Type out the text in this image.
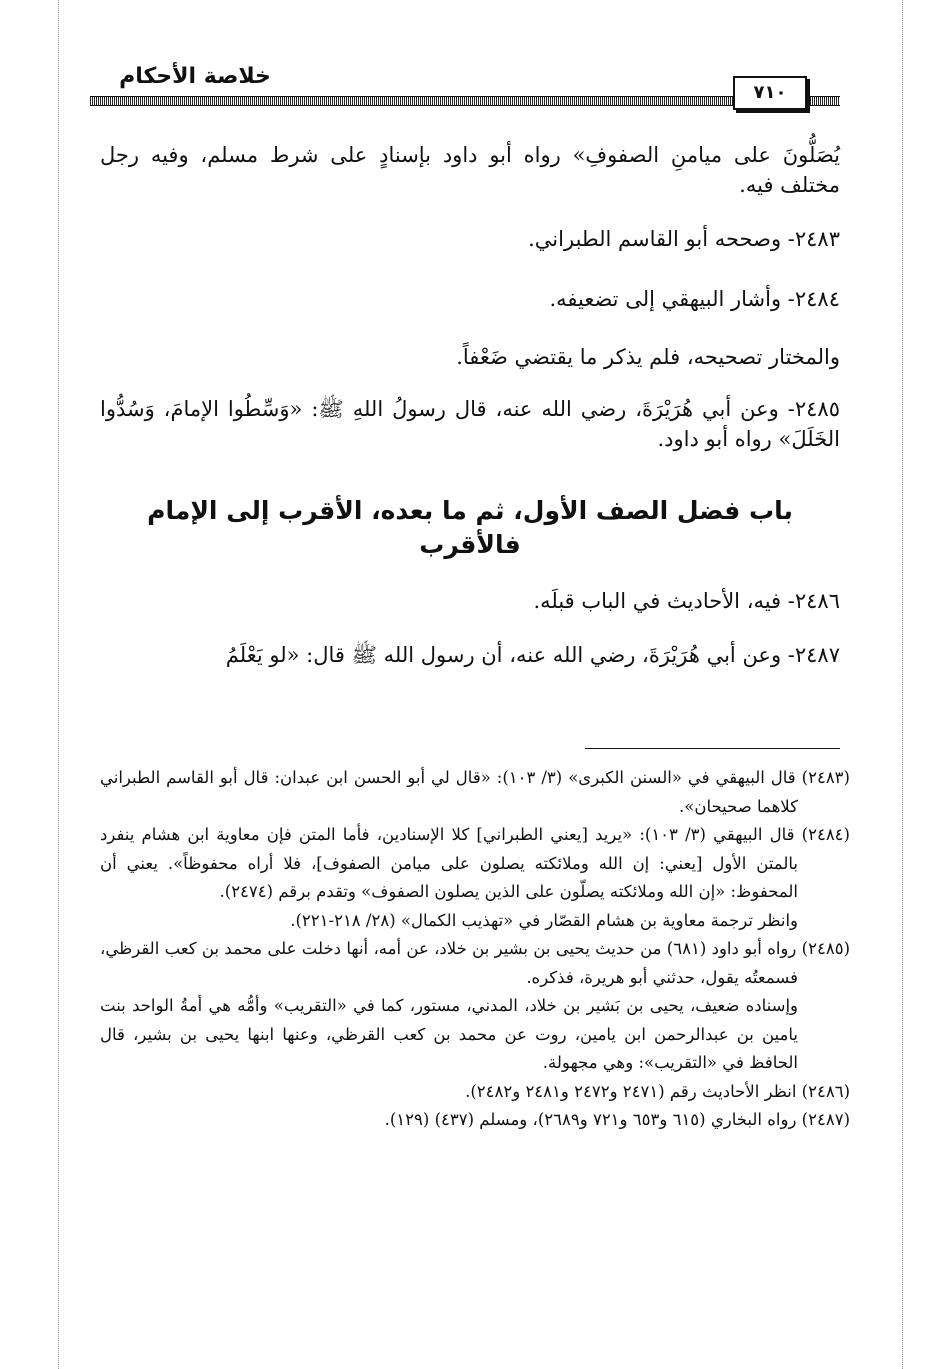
خلاصة الأحكام
٧١٠

يُصَلُّونَ على ميامنِ الصفوفِ» رواه أبو داود بإسنادٍ على شرط مسلم، وفيه رجل مختلف فيه.

٢٤٨٣- وصححه أبو القاسم الطبراني.

٢٤٨٤- وأشار البيهقي إلى تضعيفه.

والمختار تصحيحه، فلم يذكر ما يقتضي ضَعْفاً.

٢٤٨٥- وعن أبي هُرَيْرَةَ، رضي الله عنه، قال رسولُ اللهِ ﷺ: «وَسِّطُوا الإمامَ، وَسُدُّوا الخَلَلَ» رواه أبو داود.

باب فضل الصف الأول، ثم ما بعده، الأقرب إلى الإمام فالأقرب

٢٤٨٦- فيه، الأحاديث في الباب قبلَه.

٢٤٨٧- وعن أبي هُرَيْرَةَ، رضي الله عنه، أن رسول الله ﷺ قال: «لو يَعْلَمُ

(٢٤٨٣) قال البيهقي في «السنن الكبرى» (٣/ ١٠٣): «قال لي أبو الحسن ابن عبدان: قال أبو القاسم الطبراني كلاهما صحيحان».

(٢٤٨٤) قال البيهقي (٣/ ١٠٣): «يريد [يعني الطبراني] كلا الإسنادين، فأما المتن فإن معاوية ابن هشام ينفرد بالمتن الأول [يعني: إن الله وملائكته يصلون على ميامن الصفوف]، فلا أراه محفوظاً». يعني أن المحفوظ: «إن الله وملائكته يصلّون على الذين يصلون الصفوف» وتقدم برقم (٢٤٧٤).

وانظر ترجمة معاوية بن هشام القصّار في «تهذيب الكمال» (٢٨/ ٢١٨-٢٢١).

(٢٤٨٥) رواه أبو داود (٦٨١) من حديث يحيى بن بشير بن خلاد، عن أمه، أنها دخلت على محمد بن كعب القرظي، فسمعتُه يقول، حدثني أبو هريرة، فذكره.

وإسناده ضعيف، يحيى بن بَشير بن خلاد، المدني، مستور، كما في «التقريب» وأمُّه هي أمةُ الواحد بنت يامين بن عبدالرحمن ابن يامين، روت عن محمد بن كعب القرظي، وعنها ابنها يحيى بن بشير، قال الحافظ في «التقريب»: وهي مجهولة.

(٢٤٨٦) انظر الأحاديث رقم (٢٤٧١ و٢٤٧٢ و٢٤٨١ و٢٤٨٢).

(٢٤٨٧) رواه البخاري (٦١٥ و٦٥٣ و٧٢١ و٢٦٨٩)، ومسلم (٤٣٧) (١٢٩).
